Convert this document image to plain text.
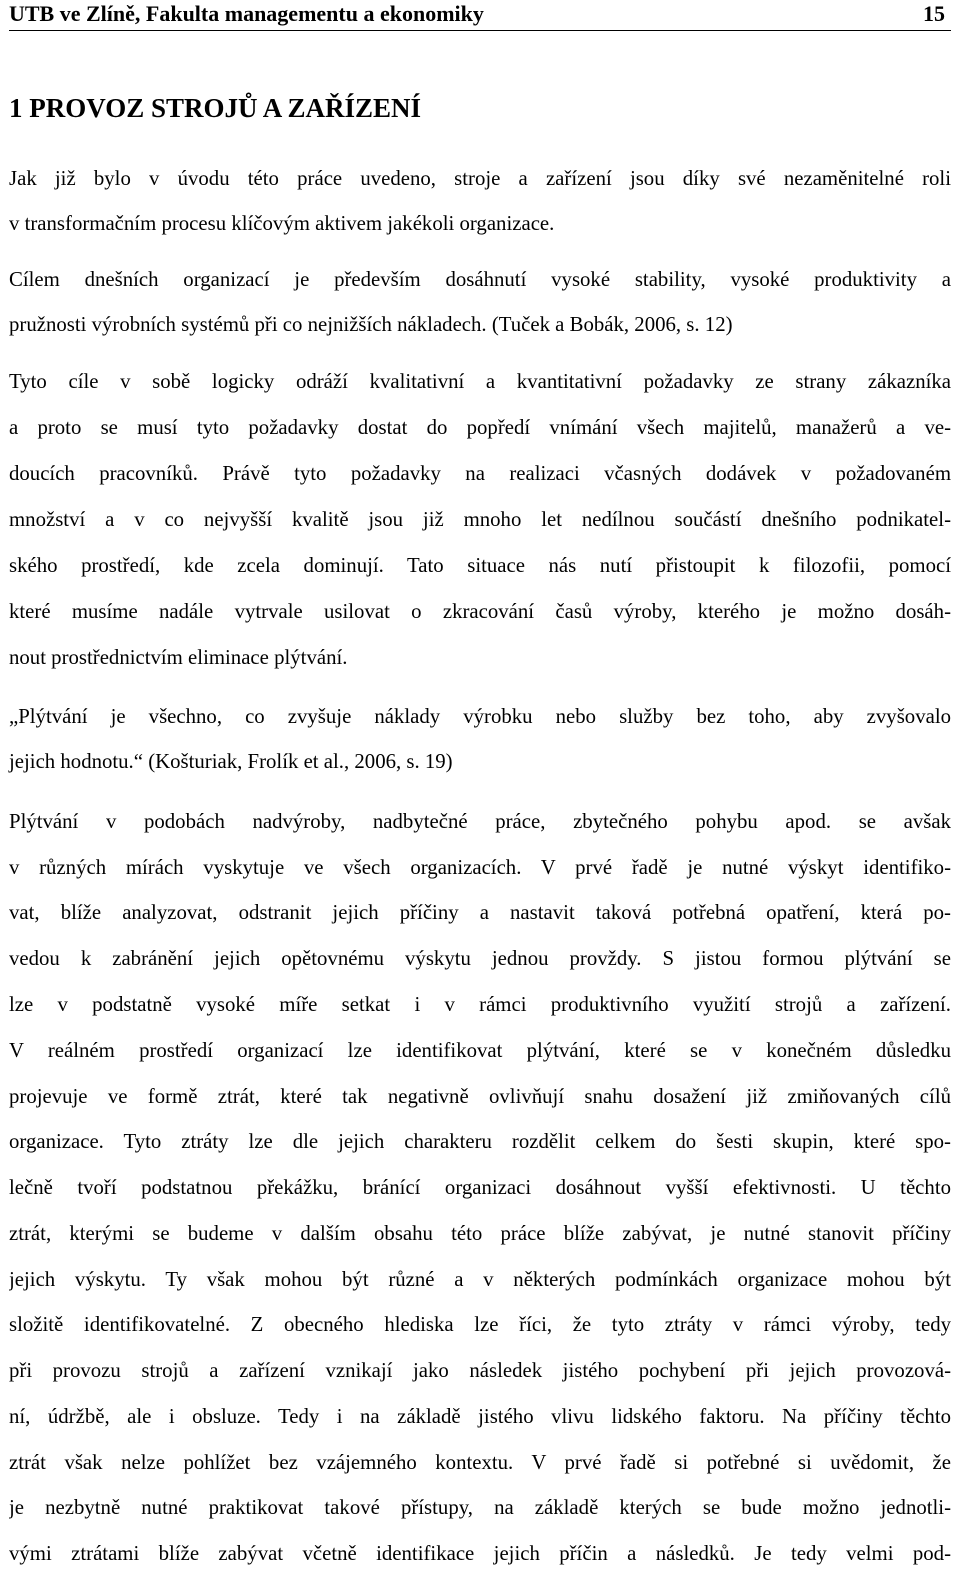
UTB ve Zlíně, Fakulta managementu a ekonomiky	15
1 PROVOZ STROJŮ A ZAŘÍZENÍ
Jak již bylo v úvodu této práce uvedeno, stroje a zařízení jsou díky své nezaměnitelné roli
v transformačním procesu klíčovým aktivem jakékoli organizace.
Cílem dnešních organizací je především dosáhnutí vysoké stability, vysoké produktivity a
pružnosti výrobních systémů při co nejnižších nákladech. (Tuček a Bobák, 2006, s. 12)
Tyto cíle v sobě logicky odráží kvalitativní a kvantitativní požadavky ze strany zákazníka
a proto se musí tyto požadavky dostat do popředí vnímání všech majitelů, manažerů a ve-
doucích pracovníků. Právě tyto požadavky na realizaci včasných dodávek v požadovaném
množství a v co nejvyšší kvalitě jsou již mnoho let nedílnou součástí dnešního podnikatel-
ského prostředí, kde zcela dominují. Tato situace nás nutí přistoupit k filozofii, pomocí
které musíme nadále vytrvale usilovat o zkracování časů výroby, kterého je možno dosáh-
nout prostřednictvím eliminace plýtvání.
„Plýtvání je všechno, co zvyšuje náklady výrobku nebo služby bez toho, aby zvyšovalo
jejich hodnotu.“ (Košturiak, Frolík et al., 2006, s. 19)
Plýtvání v podobách nadvýroby, nadbytečné práce, zbytečného pohybu apod. se avšak
v různých mírách vyskytuje ve všech organizacích. V prvé řadě je nutné výskyt identifiko-
vat, blíže analyzovat, odstranit jejich příčiny a nastavit taková potřebná opatření, která po-
vedou k zabránění jejich opětovnému výskytu jednou provždy. S jistou formou plýtvání se
lze v podstatně vysoké míře setkat i v rámci produktivního využití strojů a zařízení.
V reálném prostředí organizací lze identifikovat plýtvání, které se v konečném důsledku
projevuje ve formě ztrát, které tak negativně ovlivňují snahu dosažení již zmiňovaných cílů
organizace. Tyto ztráty lze dle jejich charakteru rozdělit celkem do šesti skupin, které spo-
lečně tvoří podstatnou překážku, bránící organizaci dosáhnout vyšší efektivnosti. U těchto
ztrát, kterými se budeme v dalším obsahu této práce blíže zabývat, je nutné stanovit příčiny
jejich výskytu. Ty však mohou být různé a v některých podmínkách organizace mohou být
složitě identifikovatelné. Z obecného hlediska lze říci, že tyto ztráty v rámci výroby, tedy
při provozu strojů a zařízení vznikají jako následek jistého pochybení při jejich provozová-
ní, údržbě, ale i obsluze. Tedy i na základě jistého vlivu lidského faktoru. Na příčiny těchto
ztrát však nelze pohlížet bez vzájemného kontextu. V prvé řadě si potřebné si uvědomit, že
je nezbytně nutné praktikovat takové přístupy, na základě kterých se bude možno jednotli-
vými ztrátami blíže zabývat včetně identifikace jejich příčin a následků. Je tedy velmi pod-
